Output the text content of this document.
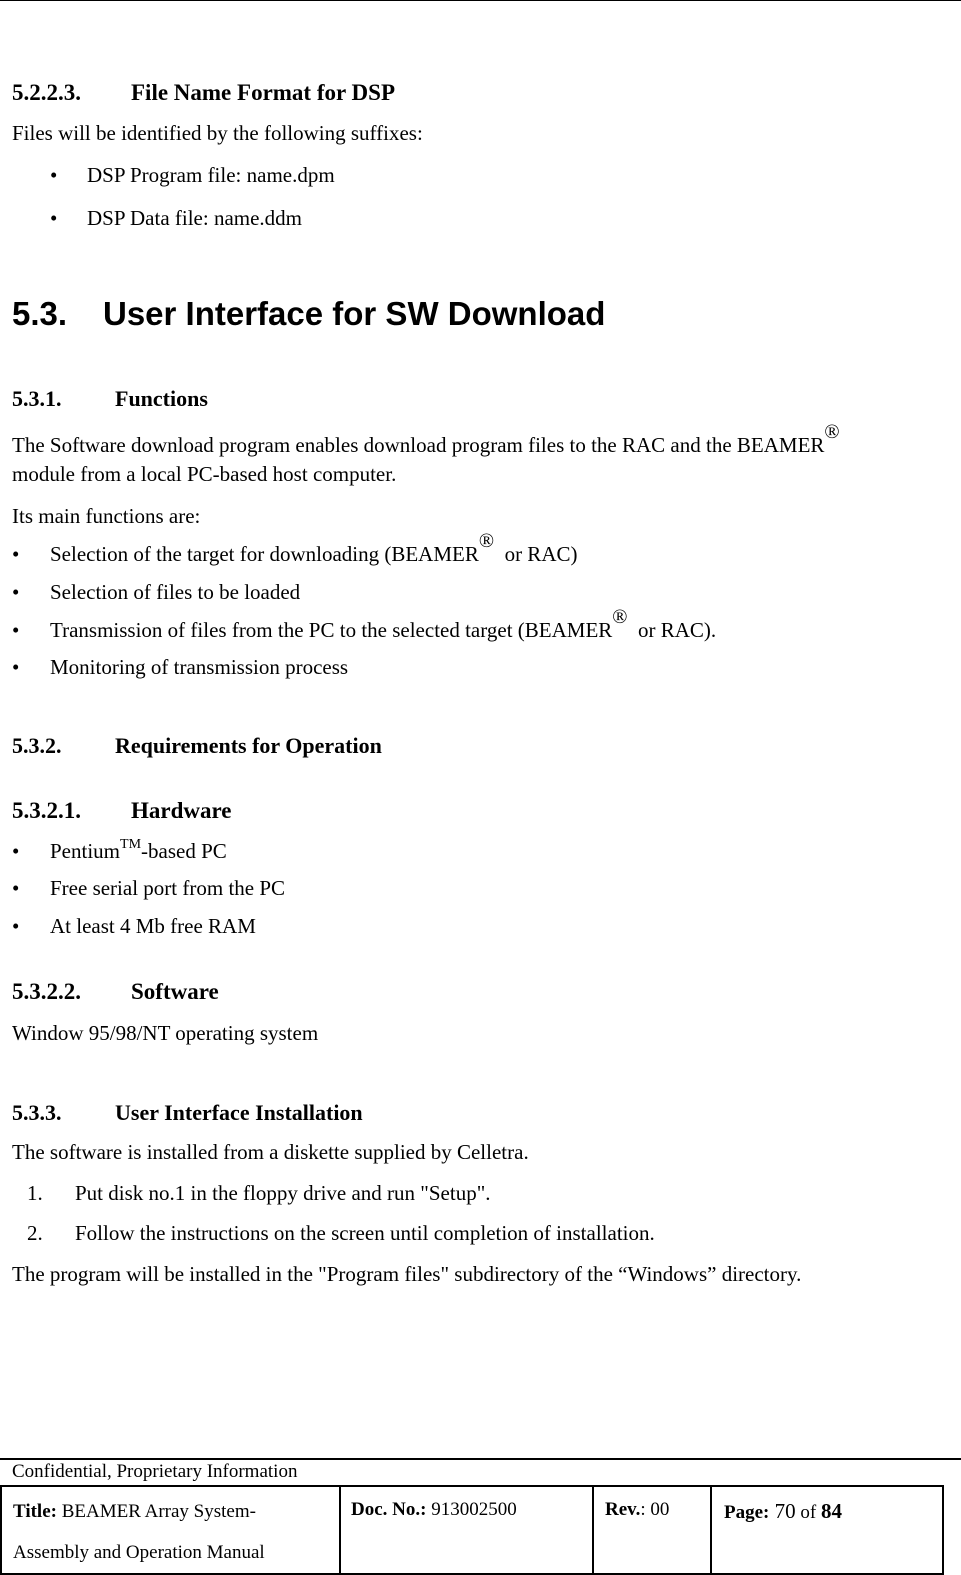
5.2.2.3. File Name Format for DSP
Files will be identified by the following suffixes:
• DSP Program file: name.dpm
• DSP Data file: name.ddm
5.3. User Interface for SW Download
5.3.1. Functions
The Software download program enables download program files to the RAC and the BEAMER®
module from a local PC-based host computer.
Its main functions are:
• Selection of the target for downloading (BEAMER®  or RAC)
• Selection of files to be loaded
• Transmission of files from the PC to the selected target (BEAMER®  or RAC).
• Monitoring of transmission process
5.3.2. Requirements for Operation
5.3.2.1. Hardware
• Pentium™-based PC
• Free serial port from the PC
• At least 4 Mb free RAM
5.3.2.2. Software
Window 95/98/NT operating system
5.3.3. User Interface Installation
The software is installed from a diskette supplied by Celletra.
1. Put disk no.1 in the floppy drive and run "Setup".
2. Follow the instructions on the screen until completion of installation.
The program will be installed in the "Program files" subdirectory of the “Windows” directory.
Confidential, Proprietary Information
Title: BEAMER Array System-
Assembly and Operation Manual

Doc. No.: 913002500	Rev.: 00	Page: 70 of 84
